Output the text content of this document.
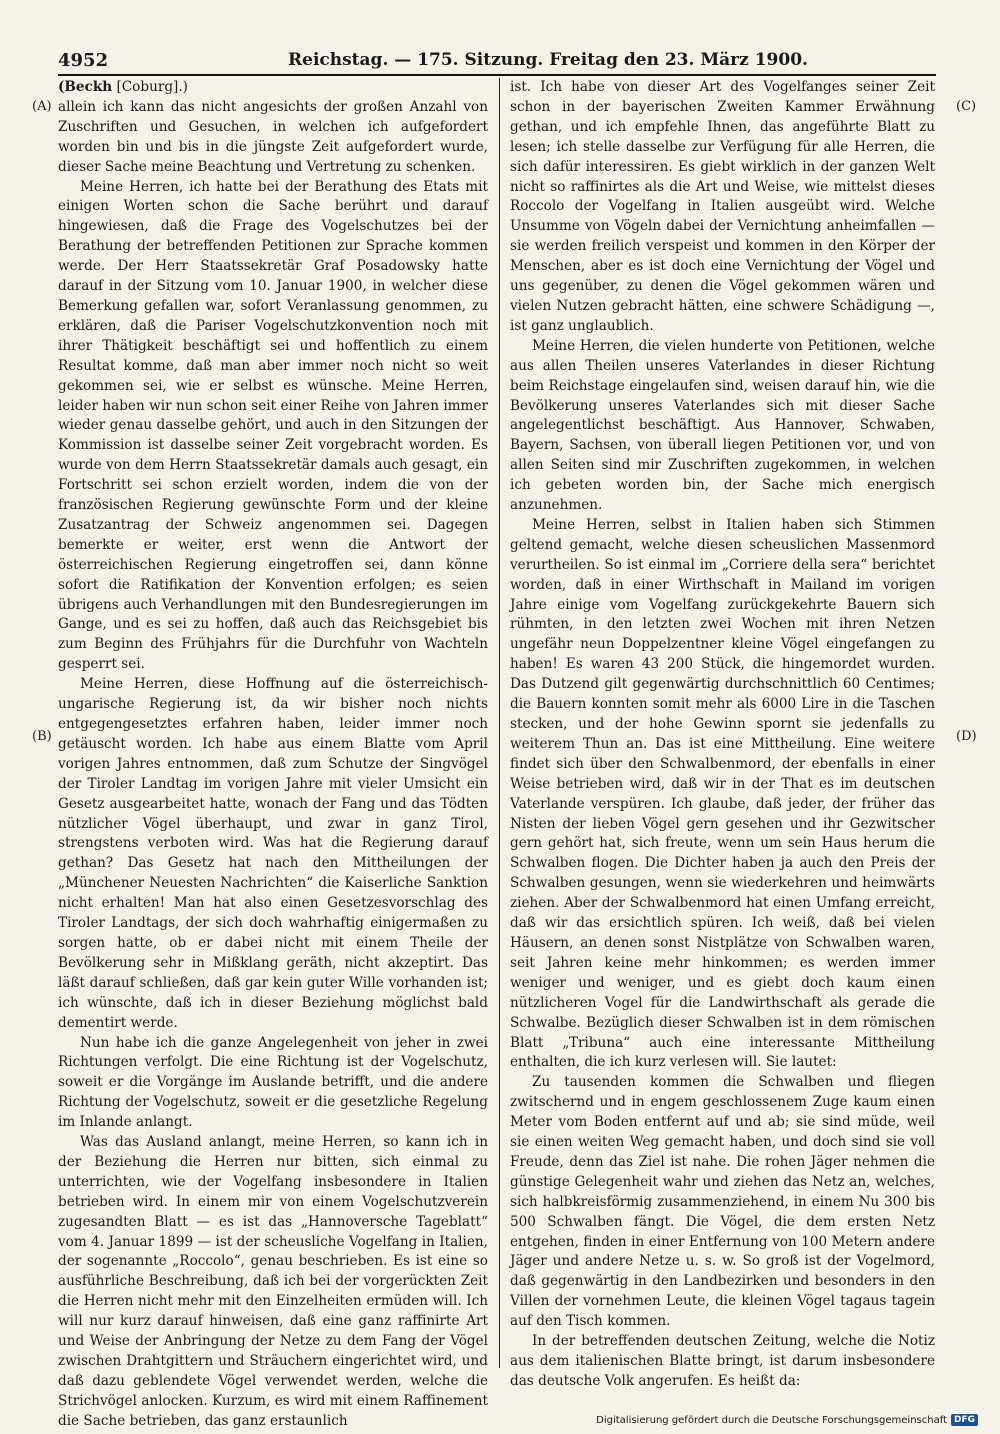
4952	Reichstag. — 175. Sitzung. Freitag den 23. März 1900.
(A)
(B)
(C)
(D)

(Beckh [Coburg].)

allein ich kann das nicht angesichts der großen Anzahl von Zuschriften und Gesuchen, in welchen ich aufgefordert worden bin und bis in die jüngste Zeit aufgefordert wurde, dieser Sache meine Beachtung und Vertretung zu schenken.

Meine Herren, ich hatte bei der Berathung des Etats mit einigen Worten schon die Sache berührt und darauf hingewiesen, daß die Frage des Vogelschutzes bei der Berathung der betreffenden Petitionen zur Sprache kommen werde. Der Herr Staatssekretär Graf Posadowsky hatte darauf in der Sitzung vom 10. Januar 1900, in welcher diese Bemerkung gefallen war, sofort Veranlassung genommen, zu erklären, daß die Pariser Vogelschutzkonvention noch mit ihrer Thätigkeit beschäftigt sei und hoffentlich zu einem Resultat komme, daß man aber immer noch nicht so weit gekommen sei, wie er selbst es wünsche. Meine Herren, leider haben wir nun schon seit einer Reihe von Jahren immer wieder genau dasselbe gehört, und auch in den Sitzungen der Kommission ist dasselbe seiner Zeit vorgebracht worden. Es wurde von dem Herrn Staatssekretär damals auch gesagt, ein Fortschritt sei schon erzielt worden, indem die von der französischen Regierung gewünschte Form und der kleine Zusatzantrag der Schweiz angenommen sei. Dagegen bemerkte er weiter, erst wenn die Antwort der österreichischen Regierung eingetroffen sei, dann könne sofort die Ratifikation der Konvention erfolgen; es seien übrigens auch Verhandlungen mit den Bundesregierungen im Gange, und es sei zu hoffen, daß auch das Reichsgebiet bis zum Beginn des Frühjahrs für die Durchfuhr von Wachteln gesperrt sei.

Meine Herren, diese Hoffnung auf die österreichisch-ungarische Regierung ist, da wir bisher noch nichts entgegengesetztes erfahren haben, leider immer noch getäuscht worden. Ich habe aus einem Blatte vom April vorigen Jahres entnommen, daß zum Schutze der Singvögel der Tiroler Landtag im vorigen Jahre mit vieler Umsicht ein Gesetz ausgearbeitet hatte, wonach der Fang und das Tödten nützlicher Vögel überhaupt, und zwar in ganz Tirol, strengstens verboten wird. Was hat die Regierung darauf gethan? Das Gesetz hat nach den Mittheilungen der „Münchener Neuesten Nachrichten“ die Kaiserliche Sanktion nicht erhalten! Man hat also einen Gesetzesvorschlag des Tiroler Landtags, der sich doch wahrhaftig einigermaßen zu sorgen hatte, ob er dabei nicht mit einem Theile der Bevölkerung sehr in Mißklang geräth, nicht akzeptirt. Das läßt darauf schließen, daß gar kein guter Wille vorhanden ist; ich wünschte, daß ich in dieser Beziehung möglichst bald dementirt werde.

Nun habe ich die ganze Angelegenheit von jeher in zwei Richtungen verfolgt. Die eine Richtung ist der Vogelschutz, soweit er die Vorgänge im Auslande betrifft, und die andere Richtung der Vogelschutz, soweit er die gesetzliche Regelung im Inlande anlangt.

Was das Ausland anlangt, meine Herren, so kann ich in der Beziehung die Herren nur bitten, sich einmal zu unterrichten, wie der Vogelfang insbesondere in Italien betrieben wird. In einem mir von einem Vogelschutzverein zugesandten Blatt — es ist das „Hannoversche Tageblatt“ vom 4. Januar 1899 — ist der scheusliche Vogelfang in Italien, der sogenannte „Roccolo“, genau beschrieben. Es ist eine so ausführliche Beschreibung, daß ich bei der vorgerückten Zeit die Herren nicht mehr mit den Einzelheiten ermüden will. Ich will nur kurz darauf hinweisen, daß eine ganz raffinirte Art und Weise der Anbringung der Netze zu dem Fang der Vögel zwischen Drahtgittern und Sträuchern eingerichtet wird, und daß dazu geblendete Vögel verwendet werden, welche die Strichvögel anlocken. Kurzum, es wird mit einem Raffinement die Sache betrieben, das ganz erstaunlich

ist. Ich habe von dieser Art des Vogelfanges seiner Zeit schon in der bayerischen Zweiten Kammer Erwähnung gethan, und ich empfehle Ihnen, das angeführte Blatt zu lesen; ich stelle dasselbe zur Verfügung für alle Herren, die sich dafür interessiren. Es giebt wirklich in der ganzen Welt nicht so raffinirtes als die Art und Weise, wie mittelst dieses Roccolo der Vogelfang in Italien ausgeübt wird. Welche Unsumme von Vögeln dabei der Vernichtung anheimfallen — sie werden freilich verspeist und kommen in den Körper der Menschen, aber es ist doch eine Vernichtung der Vögel und uns gegenüber, zu denen die Vögel gekommen wären und vielen Nutzen gebracht hätten, eine schwere Schädigung —, ist ganz unglaublich.

Meine Herren, die vielen hunderte von Petitionen, welche aus allen Theilen unseres Vaterlandes in dieser Richtung beim Reichstage eingelaufen sind, weisen darauf hin, wie die Bevölkerung unseres Vaterlandes sich mit dieser Sache angelegentlichst beschäftigt. Aus Hannover, Schwaben, Bayern, Sachsen, von überall liegen Petitionen vor, und von allen Seiten sind mir Zuschriften zugekommen, in welchen ich gebeten worden bin, der Sache mich energisch anzunehmen.

Meine Herren, selbst in Italien haben sich Stimmen geltend gemacht, welche diesen scheuslichen Massenmord verurtheilen. So ist einmal im „Corriere della sera“ berichtet worden, daß in einer Wirthschaft in Mailand im vorigen Jahre einige vom Vogelfang zurückgekehrte Bauern sich rühmten, in den letzten zwei Wochen mit ihren Netzen ungefähr neun Doppelzentner kleine Vögel eingefangen zu haben! Es waren 43 200 Stück, die hingemordet wurden. Das Dutzend gilt gegenwärtig durchschnittlich 60 Centimes; die Bauern konnten somit mehr als 6000 Lire in die Taschen stecken, und der hohe Gewinn spornt sie jedenfalls zu weiterem Thun an. Das ist eine Mittheilung. Eine weitere findet sich über den Schwalbenmord, der ebenfalls in einer Weise betrieben wird, daß wir in der That es im deutschen Vaterlande verspüren. Ich glaube, daß jeder, der früher das Nisten der lieben Vögel gern gesehen und ihr Gezwitscher gern gehört hat, sich freute, wenn um sein Haus herum die Schwalben flogen. Die Dichter haben ja auch den Preis der Schwalben gesungen, wenn sie wiederkehren und heimwärts ziehen. Aber der Schwalbenmord hat einen Umfang erreicht, daß wir das ersichtlich spüren. Ich weiß, daß bei vielen Häusern, an denen sonst Nistplätze von Schwalben waren, seit Jahren keine mehr hinkommen; es werden immer weniger und weniger, und es giebt doch kaum einen nützlicheren Vogel für die Landwirthschaft als gerade die Schwalbe. Bezüglich dieser Schwalben ist in dem römischen Blatt „Tribuna“ auch eine interessante Mittheilung enthalten, die ich kurz verlesen will. Sie lautet:

Zu tausenden kommen die Schwalben und fliegen zwitschernd und in engem geschlossenem Zuge kaum einen Meter vom Boden entfernt auf und ab; sie sind müde, weil sie einen weiten Weg gemacht haben, und doch sind sie voll Freude, denn das Ziel ist nahe. Die rohen Jäger nehmen die günstige Gelegenheit wahr und ziehen das Netz an, welches, sich halbkreisförmig zusammenziehend, in einem Nu 300 bis 500 Schwalben fängt. Die Vögel, die dem ersten Netz entgehen, finden in einer Entfernung von 100 Metern andere Jäger und andere Netze u. s. w. So groß ist der Vogelmord, daß gegenwärtig in den Landbezirken und besonders in den Villen der vornehmen Leute, die kleinen Vögel tagaus tagein auf den Tisch kommen.

In der betreffenden deutschen Zeitung, welche die Notiz aus dem italienischen Blatte bringt, ist darum insbesondere das deutsche Volk angerufen. Es heißt da:

Digitalisierung gefördert durch die Deutsche Forschungsgemeinschaft DFG
